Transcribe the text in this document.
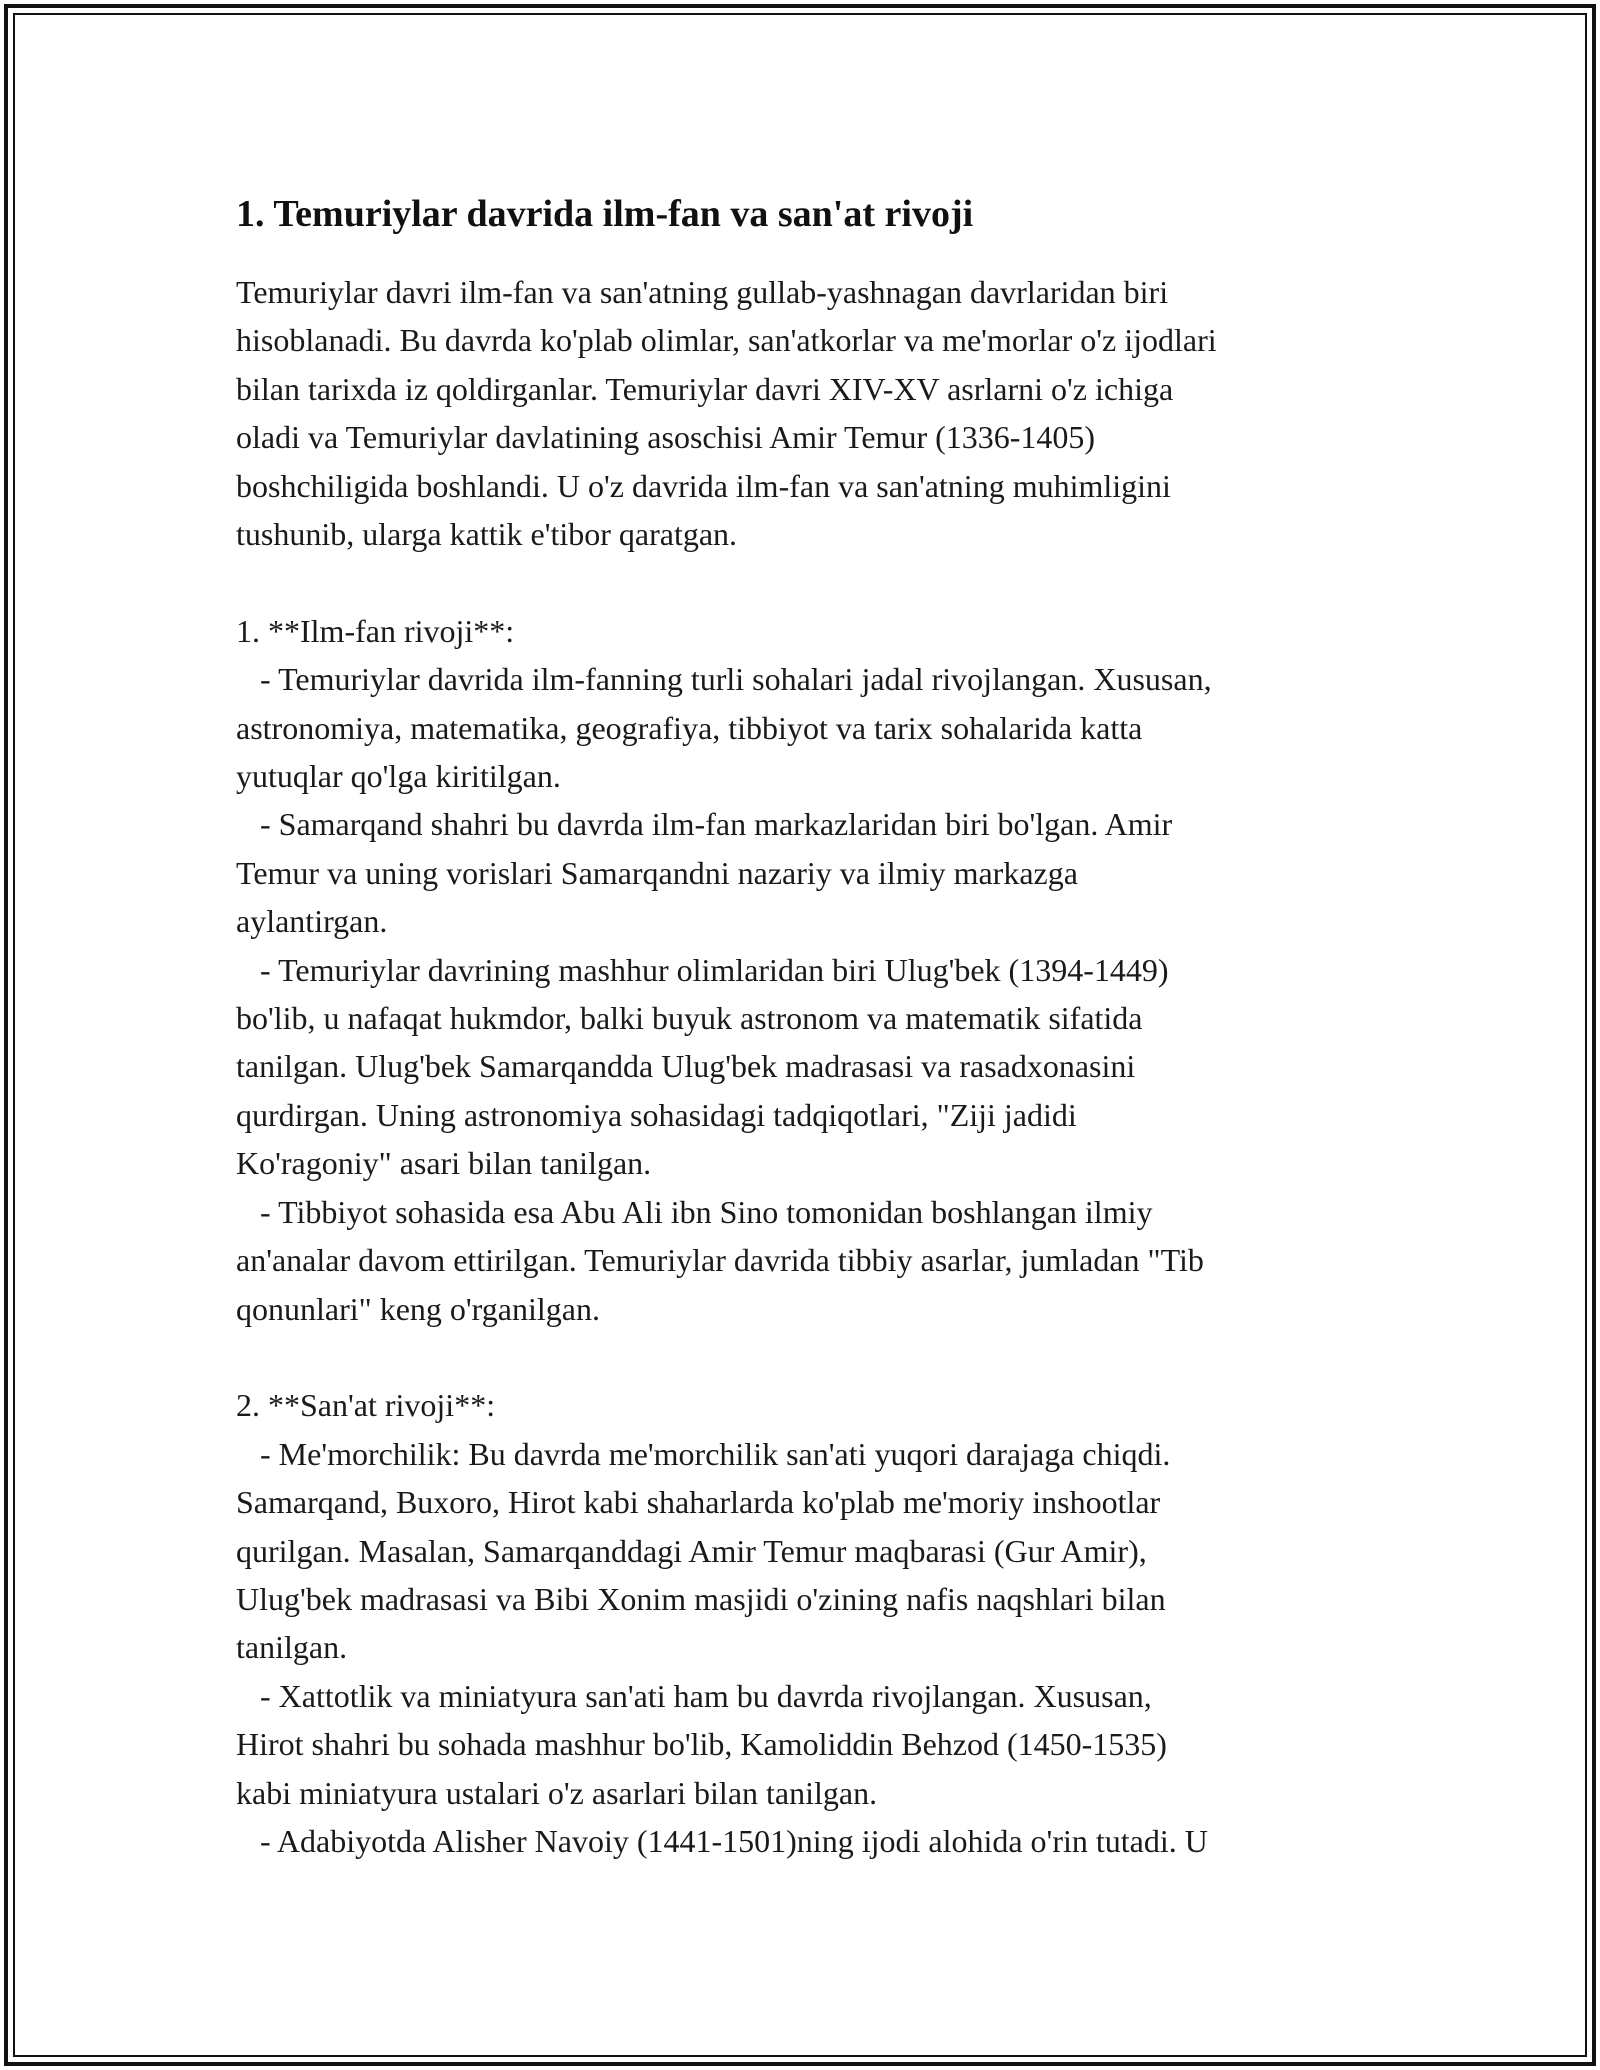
1. Temuriylar davrida ilm-fan va san'at rivoji
Temuriylar davri ilm-fan va san'atning gullab-yashnagan davrlaridan biri
hisoblanadi. Bu davrda ko'plab olimlar, san'atkorlar va me'morlar o'z ijodlari
bilan tarixda iz qoldirganlar. Temuriylar davri XIV-XV asrlarni o'z ichiga
oladi va Temuriylar davlatining asoschisi Amir Temur (1336-1405)
boshchiligida boshlandi. U o'z davrida ilm-fan va san'atning muhimligini
tushunib, ularga kattik e'tibor qaratgan.
1. **Ilm-fan rivoji**:
- Temuriylar davrida ilm-fanning turli sohalari jadal rivojlangan. Xususan,
astronomiya, matematika, geografiya, tibbiyot va tarix sohalarida katta
yutuqlar qo'lga kiritilgan.
- Samarqand shahri bu davrda ilm-fan markazlaridan biri bo'lgan. Amir
Temur va uning vorislari Samarqandni nazariy va ilmiy markazga
aylantirgan.
- Temuriylar davrining mashhur olimlaridan biri Ulug'bek (1394-1449)
bo'lib, u nafaqat hukmdor, balki buyuk astronom va matematik sifatida
tanilgan. Ulug'bek Samarqandda Ulug'bek madrasasi va rasadxonasini
qurdirgan. Uning astronomiya sohasidagi tadqiqotlari, "Ziji jadidi
Ko'ragoniy" asari bilan tanilgan.
- Tibbiyot sohasida esa Abu Ali ibn Sino tomonidan boshlangan ilmiy
an'analar davom ettirilgan. Temuriylar davrida tibbiy asarlar, jumladan "Tib
qonunlari" keng o'rganilgan.
2. **San'at rivoji**:
- Me'morchilik: Bu davrda me'morchilik san'ati yuqori darajaga chiqdi.
Samarqand, Buxoro, Hirot kabi shaharlarda ko'plab me'moriy inshootlar
qurilgan. Masalan, Samarqanddagi Amir Temur maqbarasi (Gur Amir),
Ulug'bek madrasasi va Bibi Xonim masjidi o'zining nafis naqshlari bilan
tanilgan.
- Xattotlik va miniatyura san'ati ham bu davrda rivojlangan. Xususan,
Hirot shahri bu sohada mashhur bo'lib, Kamoliddin Behzod (1450-1535)
kabi miniatyura ustalari o'z asarlari bilan tanilgan.
- Adabiyotda Alisher Navoiy (1441-1501)ning ijodi alohida o'rin tutadi. U
